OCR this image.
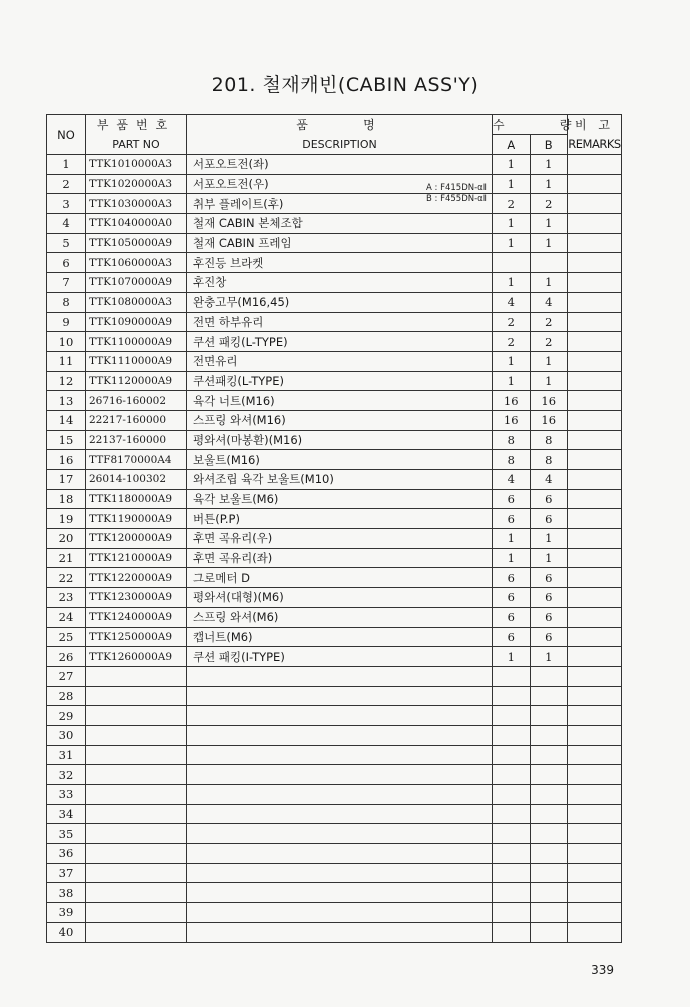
201. 철재캐빈(CABIN ASS'Y)
NO	부품번호	품    명	수    량		비 고
	PART NO	DESCRIPTION	A	B	REMARKS
1	TTK1010000A3	서포오트전(좌)	1	1	
2	TTK1020000A3	서포오트전(우)	1	1	
3	TTK1030000A3	취부 플레이트(후)	2	2	
4	TTK1040000A0	철재 CABIN 본체조합	1	1	
5	TTK1050000A9	철재 CABIN 프레임	1	1	
6	TTK1060000A3	후진등 브라켓			
7	TTK1070000A9	후진창	1	1	
8	TTK1080000A3	완충고무(M16,45)	4	4	
9	TTK1090000A9	전면 하부유리	2	2	
10	TTK1100000A9	쿠션 패킹(L-TYPE)	2	2	
11	TTK1110000A9	전면유리	1	1	
12	TTK1120000A9	쿠션패킹(L-TYPE)	1	1	
13	26716-160002	육각 너트(M16)	16	16	
14	22217-160000	스프링 와셔(M16)	16	16	
15	22137-160000	평와셔(마봉환)(M16)	8	8	
16	TTF8170000A4	보울트(M16)	8	8	
17	26014-100302	와셔조립 육각 보울트(M10)	4	4	
18	TTK1180000A9	육각 보울트(M6)	6	6	
19	TTK1190000A9	버튼(P.P)	6	6	
20	TTK1200000A9	후면 곡유리(우)	1	1	
21	TTK1210000A9	후면 곡유리(좌)	1	1	
22	TTK1220000A9	그로메터 D	6	6	
23	TTK1230000A9	평와셔(대형)(M6)	6	6	
24	TTK1240000A9	스프링 와셔(M6)	6	6	
25	TTK1250000A9	캡너트(M6)	6	6	
26	TTK1260000A9	쿠션 패킹(I-TYPE)	1	1	
27					
28					
29					
30					
31					
32					
33					
34					
35					
36					
37					
38					
39					
40					
A : F415DN-αⅡ
B : F455DN-αⅡ
339
